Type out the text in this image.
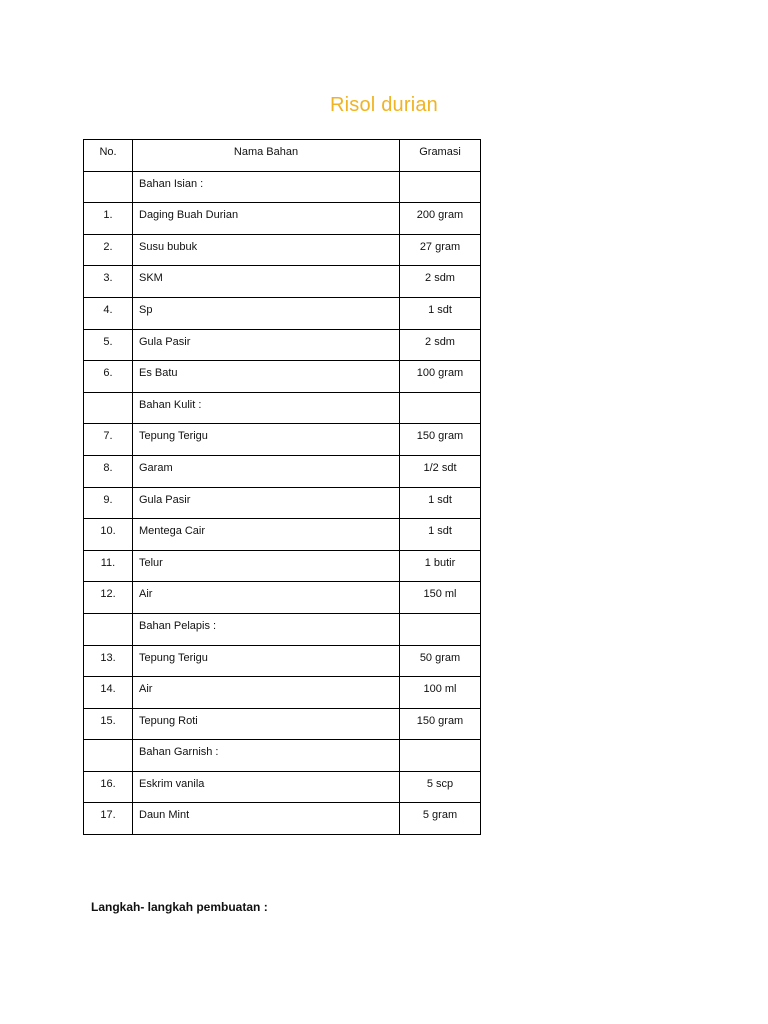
Risol durian
No.	Nama Bahan	Gramasi

	Bahan Isian :	

1.	Daging Buah Durian	200 gram

2.	Susu bubuk	27 gram

3.	SKM	2 sdm

4.	Sp	1 sdt

5.	Gula Pasir	2 sdm

6.	Es Batu	100 gram

	Bahan Kulit :	

7.	Tepung Terigu	150 gram

8.	Garam	1/2 sdt

9.	Gula Pasir	1 sdt

10.	Mentega Cair	1 sdt

11.	Telur	1 butir

12.	Air	150 ml

	Bahan Pelapis :	

13.	Tepung Terigu	50 gram

14.	Air	100 ml

15.	Tepung Roti	150 gram

	Bahan Garnish :	

16.	Eskrim vanila	5 scp

17.	Daun Mint	5 gram
Langkah- langkah pembuatan :
